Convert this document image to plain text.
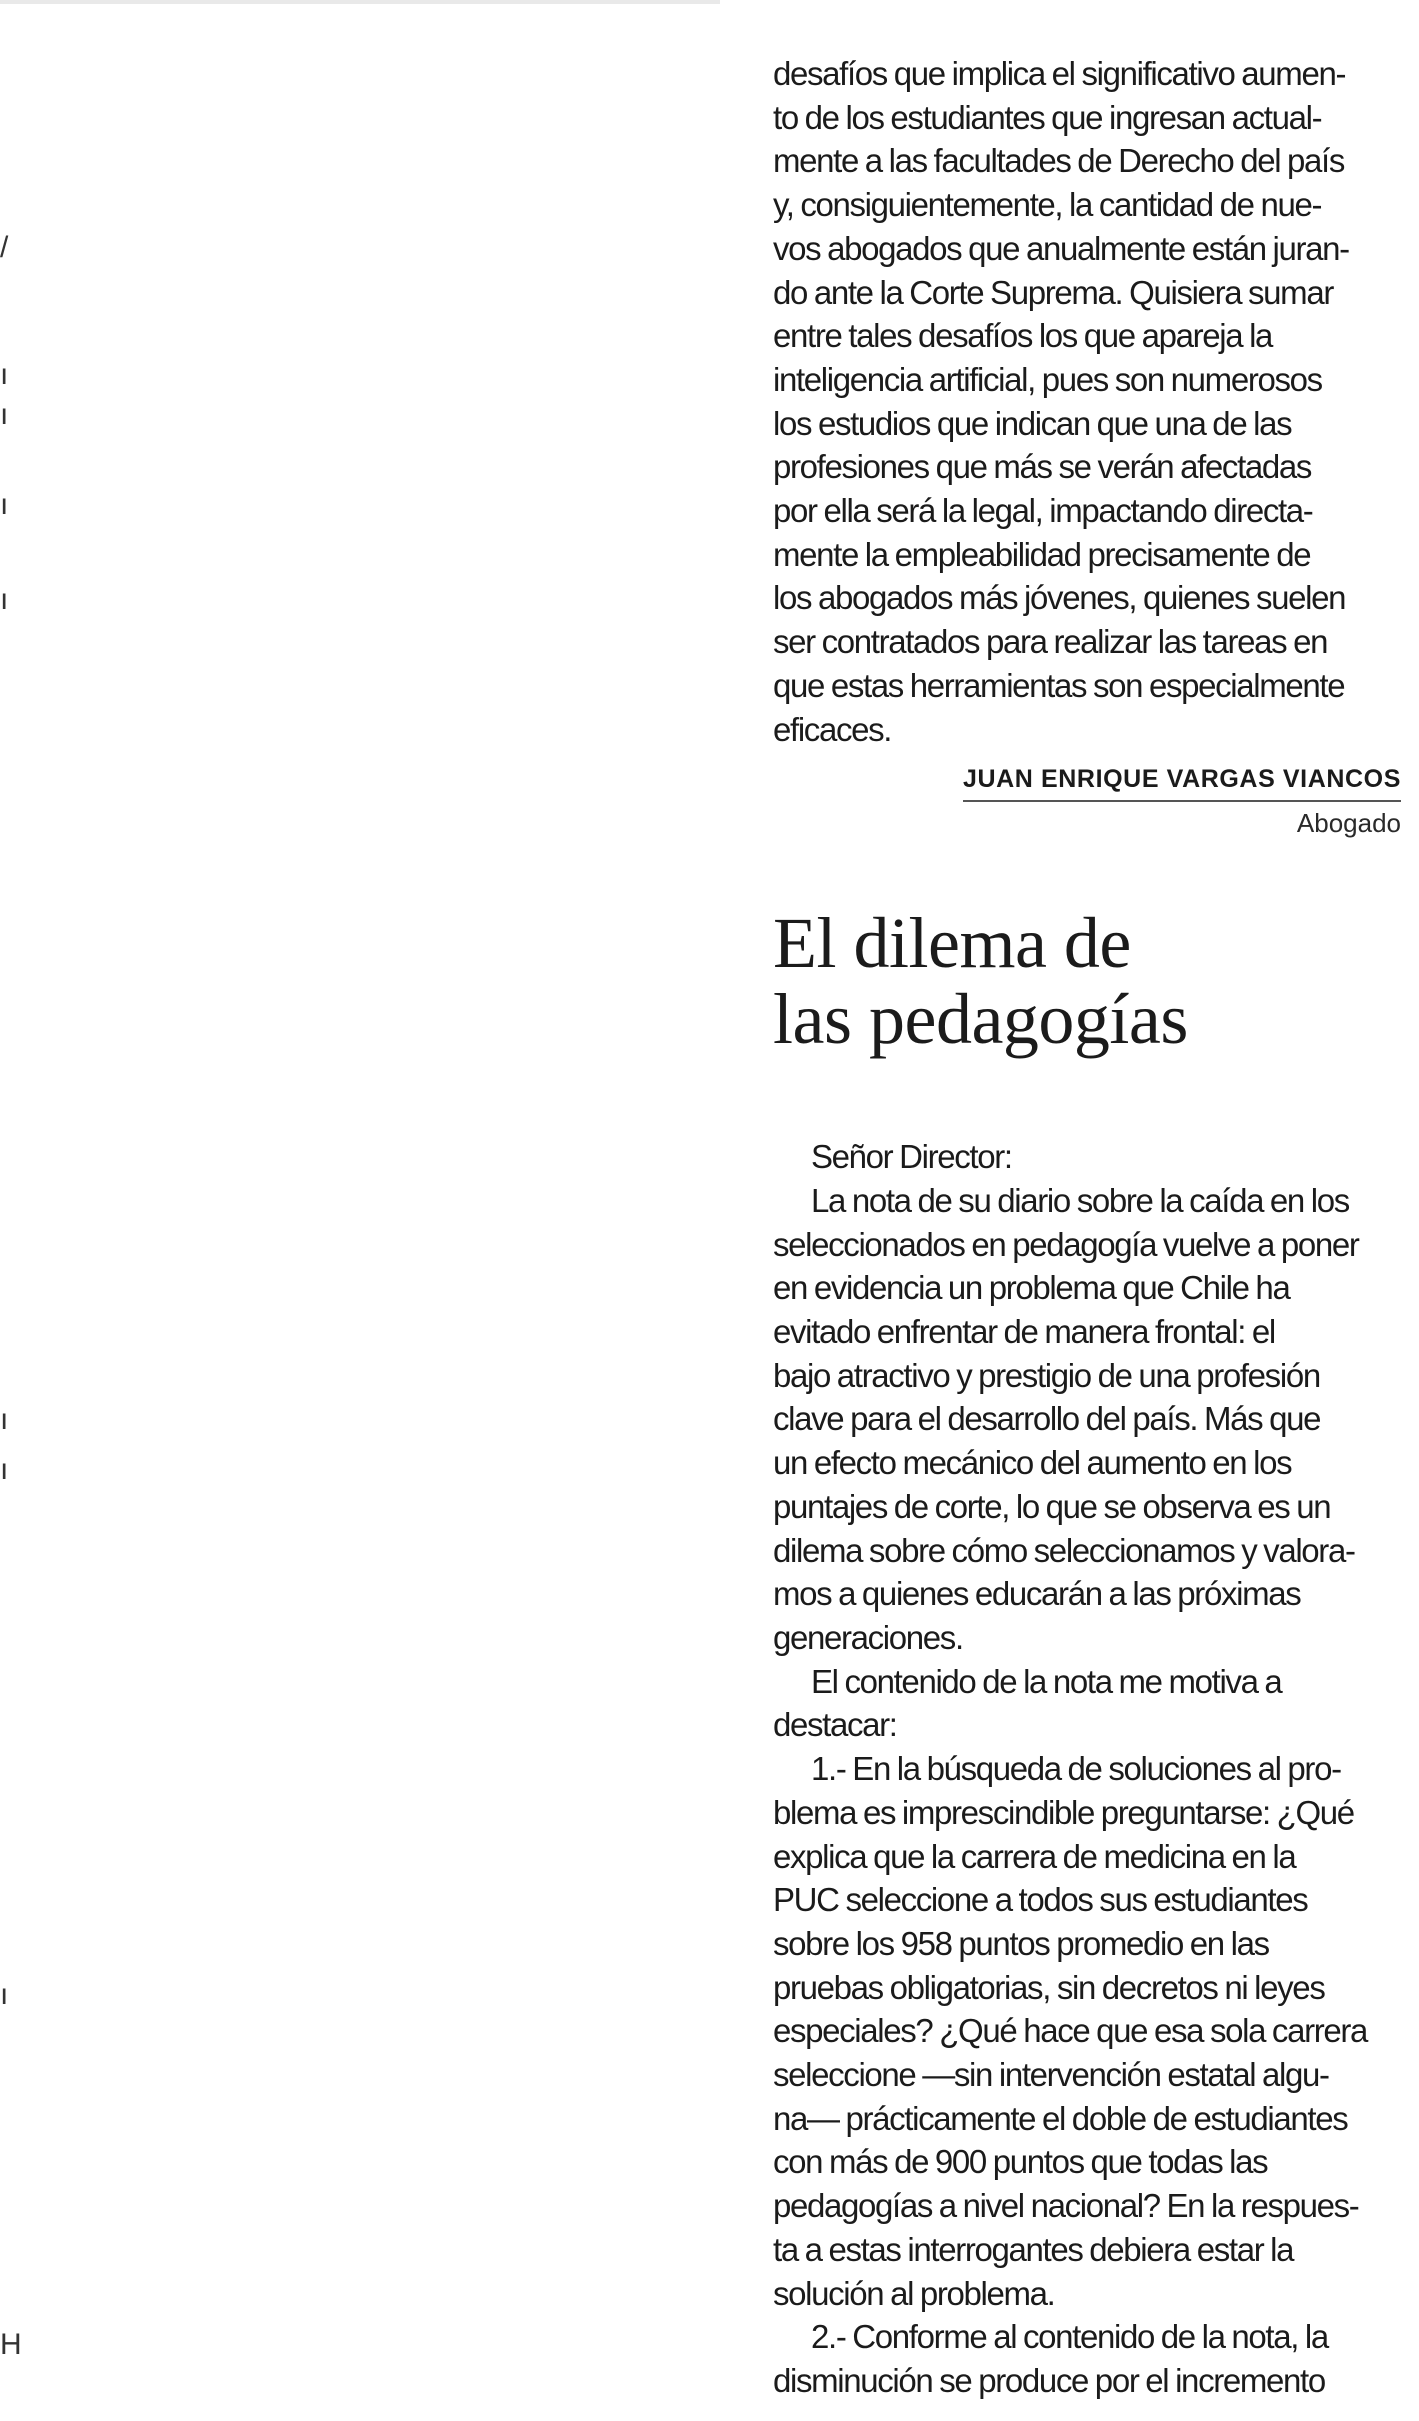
/
ı
ı
ı
ı
ı
ı
ı
H

desafíos que implica el significativo aumen-

to de los estudiantes que ingresan actual-

mente a las facultades de Derecho del país

y, consiguientemente, la cantidad de nue-

vos abogados que anualmente están juran-

do ante la Corte Suprema. Quisiera sumar

entre tales desafíos los que apareja la

inteligencia artificial, pues son numerosos

los estudios que indican que una de las

profesiones que más se verán afectadas

por ella será la legal, impactando directa-

mente la empleabilidad precisamente de

los abogados más jóvenes, quienes suelen

ser contratados para realizar las tareas en

que estas herramientas son especialmente

eficaces.

JUAN ENRIQUE VARGAS VIANCOS
Abogado
El dilema de
las pedagogías

Señor Director:

La nota de su diario sobre la caída en los

seleccionados en pedagogía vuelve a poner

en evidencia un problema que Chile ha

evitado enfrentar de manera frontal: el

bajo atractivo y prestigio de una profesión

clave para el desarrollo del país. Más que

un efecto mecánico del aumento en los

puntajes de corte, lo que se observa es un

dilema sobre cómo seleccionamos y valora-

mos a quienes educarán a las próximas

generaciones.

El contenido de la nota me motiva a

destacar:

1.- En la búsqueda de soluciones al pro-

blema es imprescindible preguntarse: ¿Qué

explica que la carrera de medicina en la

PUC seleccione a todos sus estudiantes

sobre los 958 puntos promedio en las

pruebas obligatorias, sin decretos ni leyes

especiales? ¿Qué hace que esa sola carrera

seleccione —sin intervención estatal algu-

na— prácticamente el doble de estudiantes

con más de 900 puntos que todas las

pedagogías a nivel nacional? En la respues-

ta a estas interrogantes debiera estar la

solución al problema.

2.- Conforme al contenido de la nota, la

disminución se produce por el incremento
